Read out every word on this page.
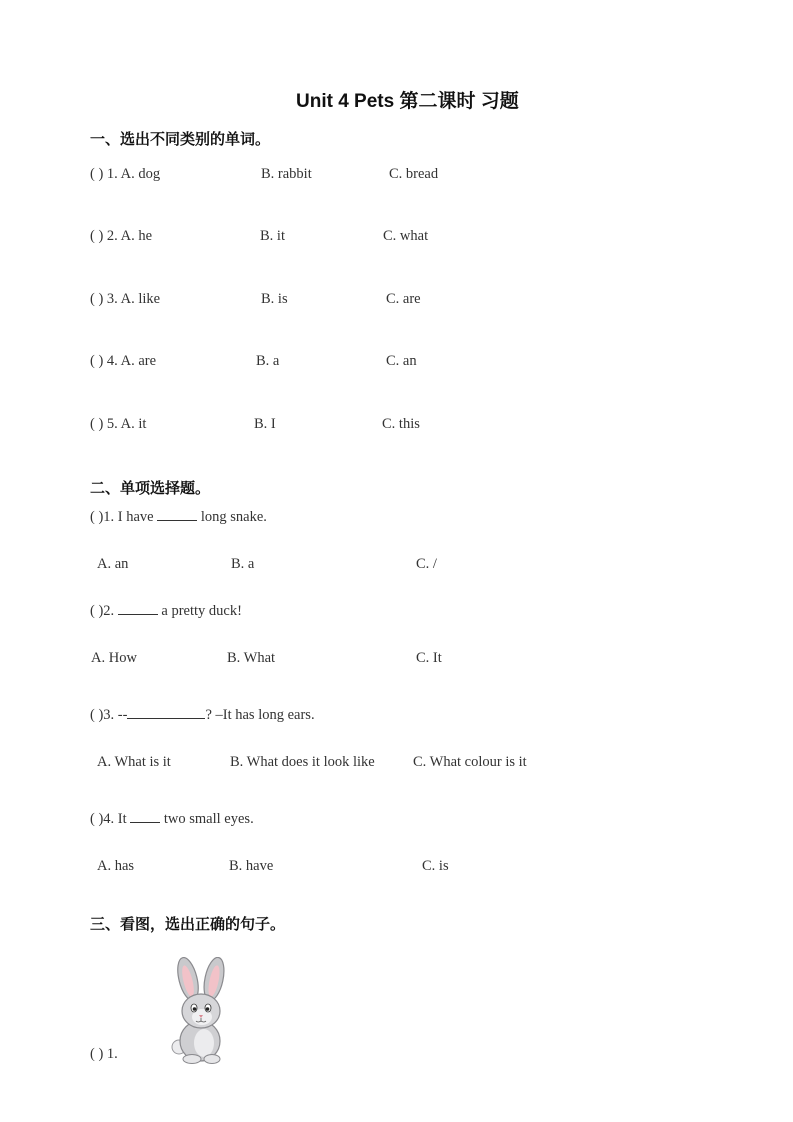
Unit 4 Pets 第二课时 习题
一、选出不同类别的单词。
( ) 1. A. dog	B. rabbit	C. bread
( ) 2. A. he	B. it	C. what
( ) 3. A. like	B. is	C. are
( ) 4. A. are	B. a	C. an
( ) 5. A. it	B. I	C. this
二、单项选择题。
( )1. I have	long snake.
A. an	B. a	C. /
( )2.	a pretty duck!
A. How	B. What	C. It
( )3. --	? –It has long ears.
A. What is it	B. What does it look like	C. What colour is it
( )4. It	two small eyes.
A. has	B. have	C. is
三、看图，选出正确的句子。
( ) 1.
